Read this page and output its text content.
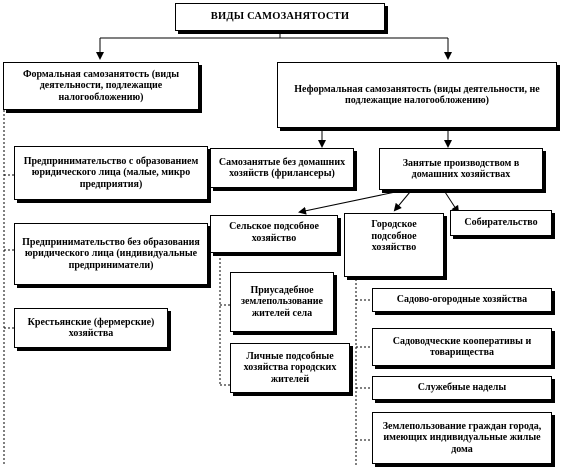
ВИДЫ САМОЗАНЯТОСТИ
Формальная самозанятость (виды деятельности, подлежащие налогообложению)
Неформальная самозанятость (виды деятельности, не подлежащие налогообложению)
Предпринимательство с образованием юридического лица (малые, микро предприятия)
Предпринимательство без образования юридического лица (индивидуальные предприниматели)
Крестьянские (фермерские) хозяйства
Самозанятые без домашних хозяйств (фрилансеры)
Занятые производством в домашних хозяйствах
Сельское подсобное хозяйство
Городское подсобное хозяйство
Собирательство
Приусадебное землепользование жителей села
Личные подсобные хозяйства городских жителей
Садово-огородные хозяйства
Садоводческие кооперативы и товарищества
Служебные наделы
Землепользование граждан города, имеющих индивидуальные жилые дома
